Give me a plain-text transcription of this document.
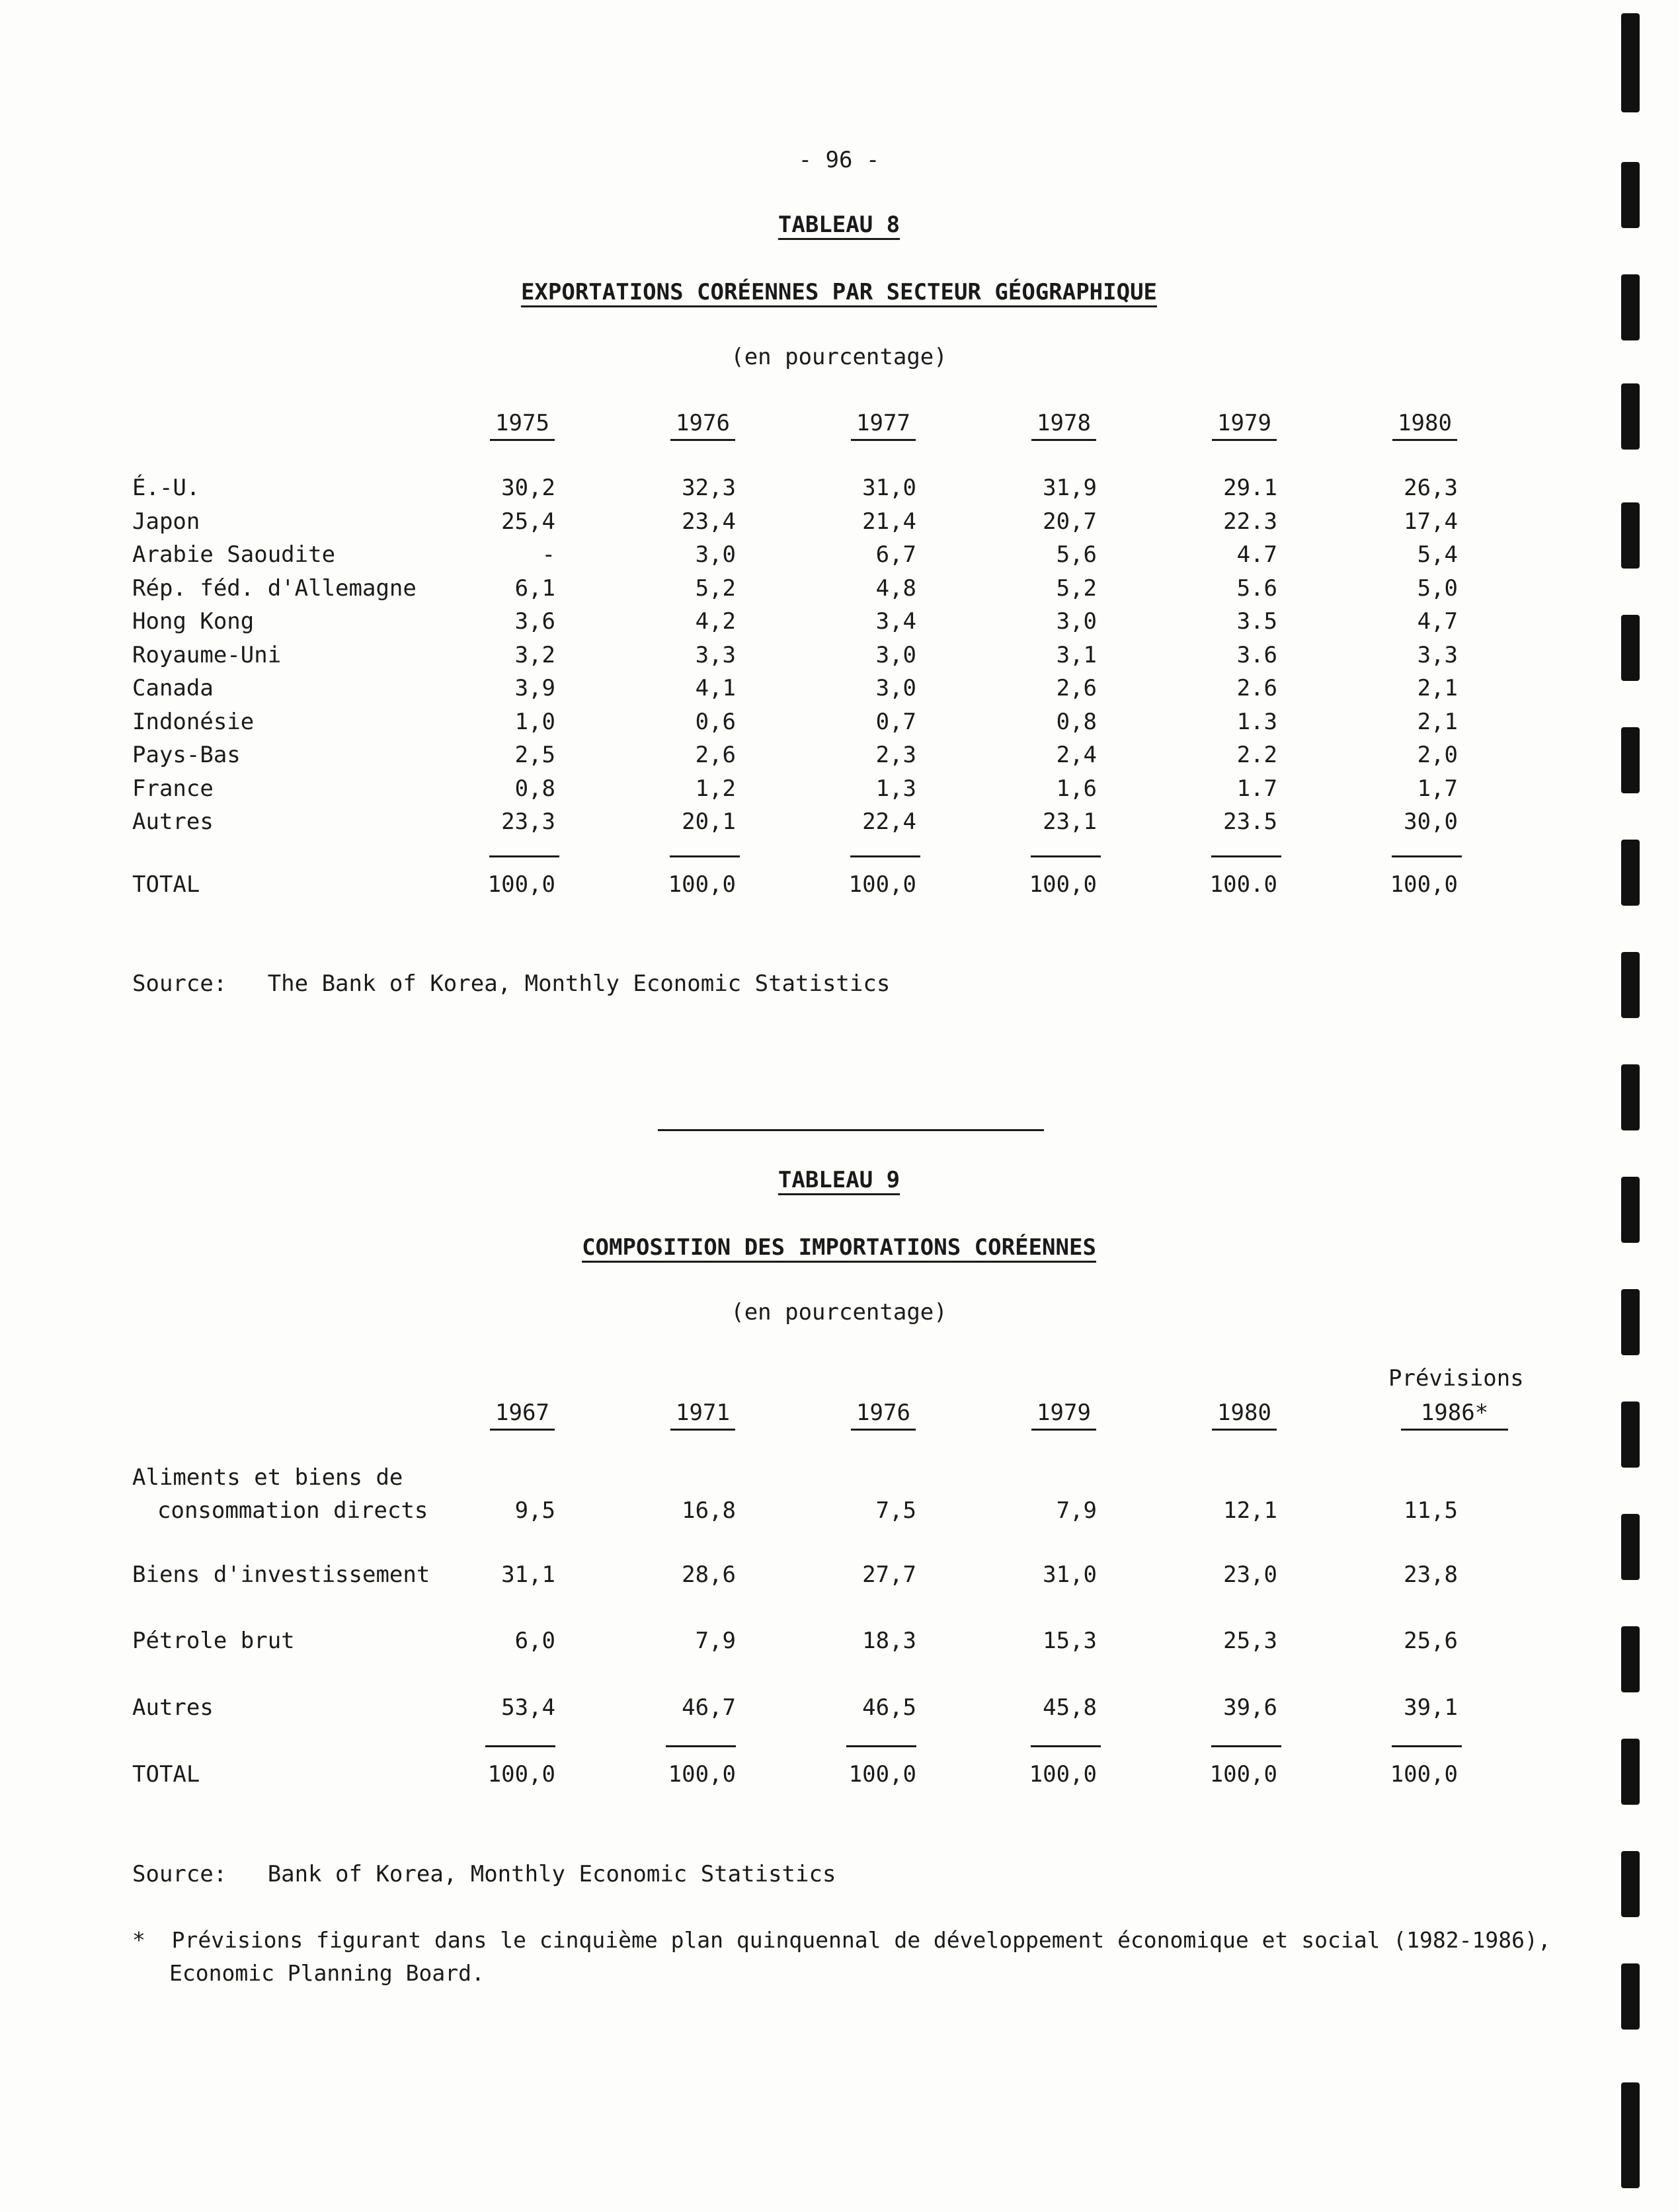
- 96 -
TABLEAU 8
EXPORTATIONS CORÉENNES PAR SECTEUR GÉOGRAPHIQUE
(en pourcentage)
1975	1976	1977	1978	1979	1980
É.-U.	30,2	32,3	31,0	31,9	29.1	26,3
Japon	25,4	23,4	21,4	20,7	22.3	17,4
Arabie Saoudite	-	3,0	6,7	5,6	4.7	5,4
Rép. féd. d'Allemagne	6,1	5,2	4,8	5,2	5.6	5,0
Hong Kong	3,6	4,2	3,4	3,0	3.5	4,7
Royaume-Uni	3,2	3,3	3,0	3,1	3.6	3,3
Canada	3,9	4,1	3,0	2,6	2.6	2,1
Indonésie	1,0	0,6	0,7	0,8	1.3	2,1
Pays-Bas	2,5	2,6	2,3	2,4	2.2	2,0
France	0,8	1,2	1,3	1,6	1.7	1,7
Autres	23,3	20,1	22,4	23,1	23.5	30,0
TOTAL	100,0	100,0	100,0	100,0	100.0	100,0
Source:   The Bank of Korea, Monthly Economic Statistics
TABLEAU 9
COMPOSITION DES IMPORTATIONS CORÉENNES
(en pourcentage)
Prévisions
1967	1971	1976	1979	1980	1986*
Aliments et biens de
consommation directs	9,5	16,8	7,5	7,9	12,1	11,5
Biens d'investissement	31,1	28,6	27,7	31,0	23,0	23,8
Pétrole brut	6,0	7,9	18,3	15,3	25,3	25,6
Autres	53,4	46,7	46,5	45,8	39,6	39,1
TOTAL	100,0	100,0	100,0	100,0	100,0	100,0
Source:   Bank of Korea, Monthly Economic Statistics
*  Prévisions figurant dans le cinquième plan quinquennal de développement économique et social (1982-1986),
Economic Planning Board.
